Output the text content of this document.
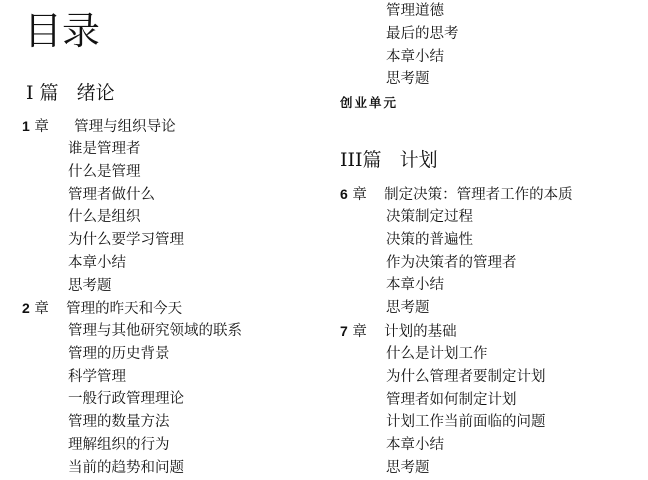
目录
I 篇 绪论
1 章 管理与组织导论
谁是管理者
什么是管理
管理者做什么
什么是组织
为什么要学习管理
本章小结
思考题
2 章 管理的昨天和今天
管理与其他研究领域的联系
管理的历史背景
科学管理
一般行政管理理论
管理的数量方法
理解组织的行为
当前的趋势和问题
管理道德
最后的思考
本章小结
思考题
创业单元
III篇 计划
6 章 制定决策：管理者工作的本质
决策制定过程
决策的普遍性
作为决策者的管理者
本章小结
思考题
7 章 计划的基础
什么是计划工作
为什么管理者要制定计划
管理者如何制定计划
计划工作当前面临的问题
本章小结
思考题
